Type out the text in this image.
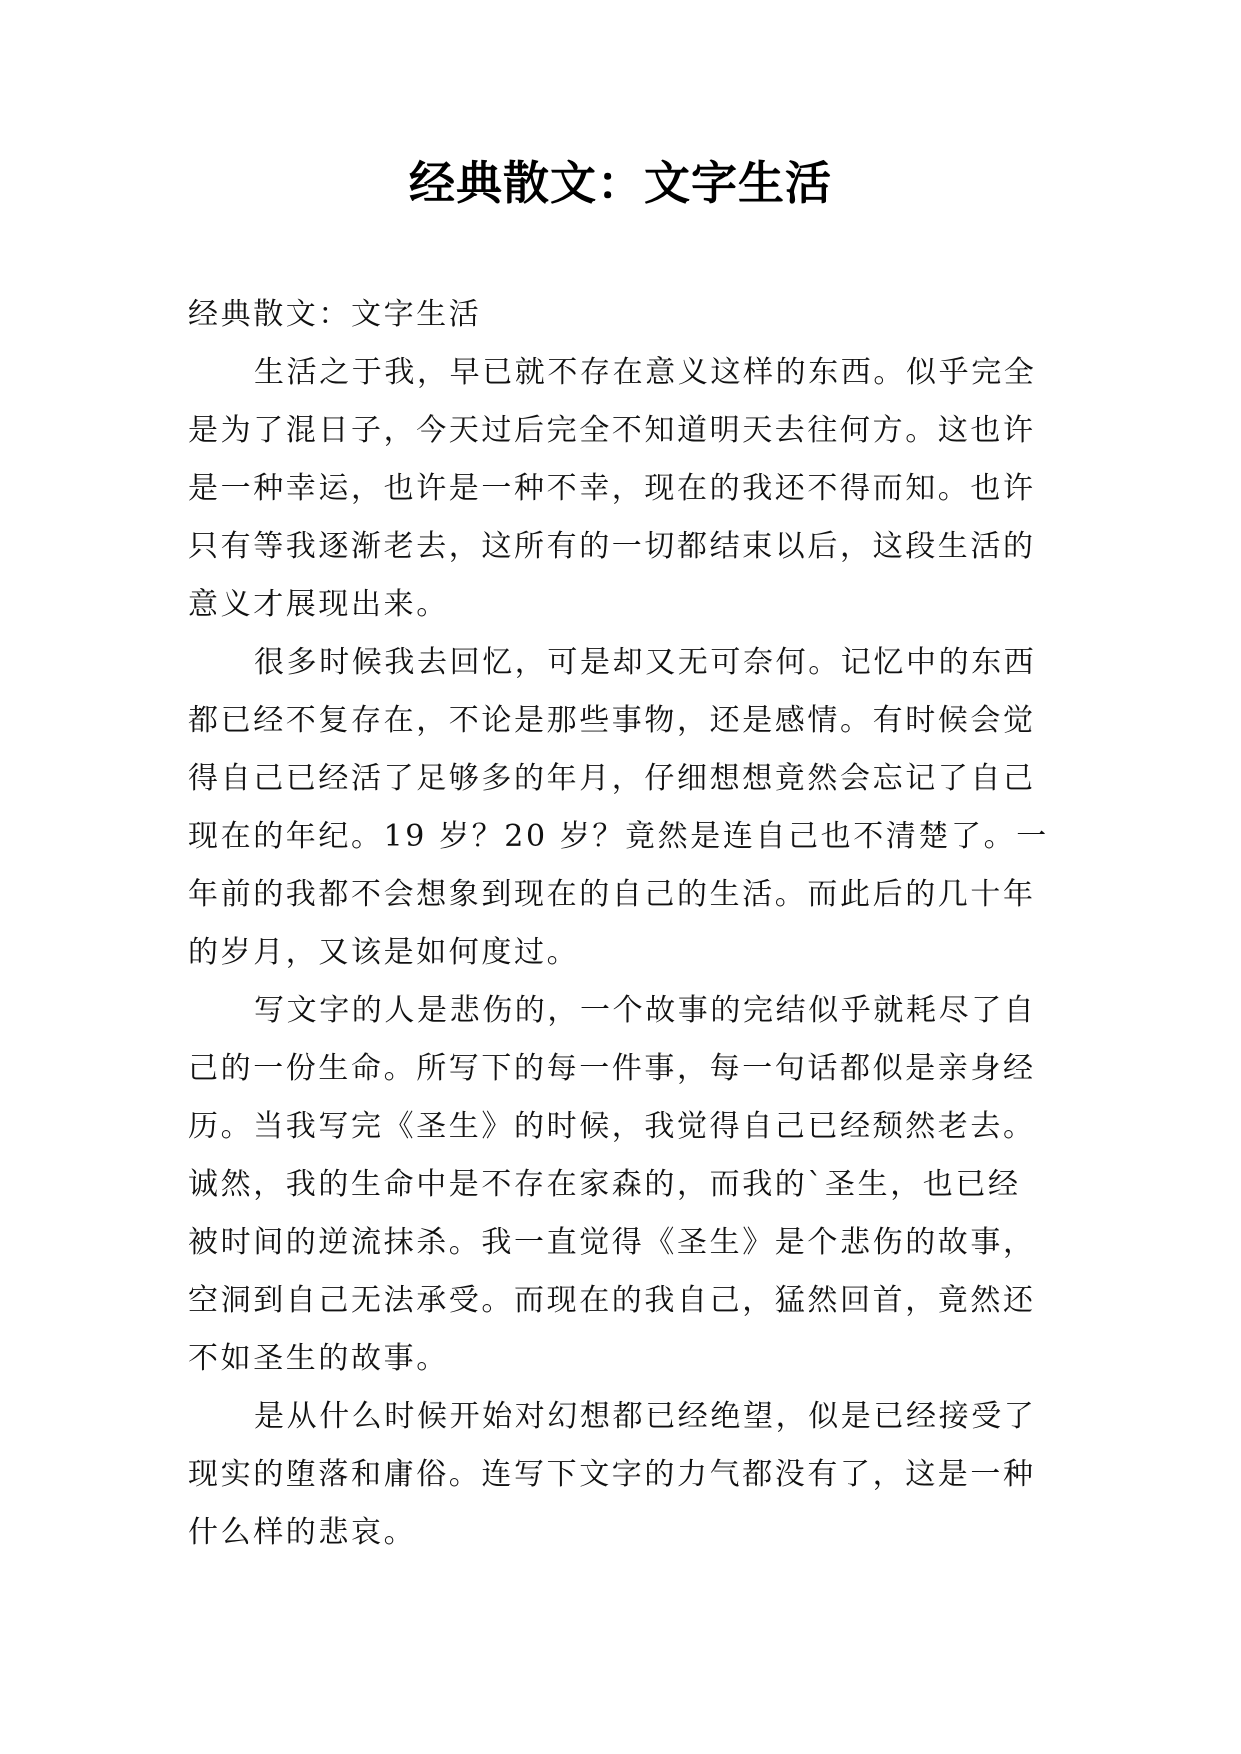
经典散文：文字生活
经典散文：文字生活
生活之于我，早已就不存在意义这样的东西。似乎完全
是为了混日子，今天过后完全不知道明天去往何方。这也许
是一种幸运，也许是一种不幸，现在的我还不得而知。也许
只有等我逐渐老去，这所有的一切都结束以后，这段生活的
意义才展现出来。
很多时候我去回忆，可是却又无可奈何。记忆中的东西
都已经不复存在，不论是那些事物，还是感情。有时候会觉
得自己已经活了足够多的年月，仔细想想竟然会忘记了自己
现在的年纪。19 岁？20 岁？竟然是连自己也不清楚了。一
年前的我都不会想象到现在的自己的生活。而此后的几十年
的岁月，又该是如何度过。
写文字的人是悲伤的，一个故事的完结似乎就耗尽了自
己的一份生命。所写下的每一件事，每一句话都似是亲身经
历。当我写完《圣生》的时候，我觉得自己已经颓然老去。
诚然，我的生命中是不存在家森的，而我的`圣生，也已经
被时间的逆流抹杀。我一直觉得《圣生》是个悲伤的故事，
空洞到自己无法承受。而现在的我自己，猛然回首，竟然还
不如圣生的故事。
是从什么时候开始对幻想都已经绝望，似是已经接受了
现实的堕落和庸俗。连写下文字的力气都没有了，这是一种
什么样的悲哀。
